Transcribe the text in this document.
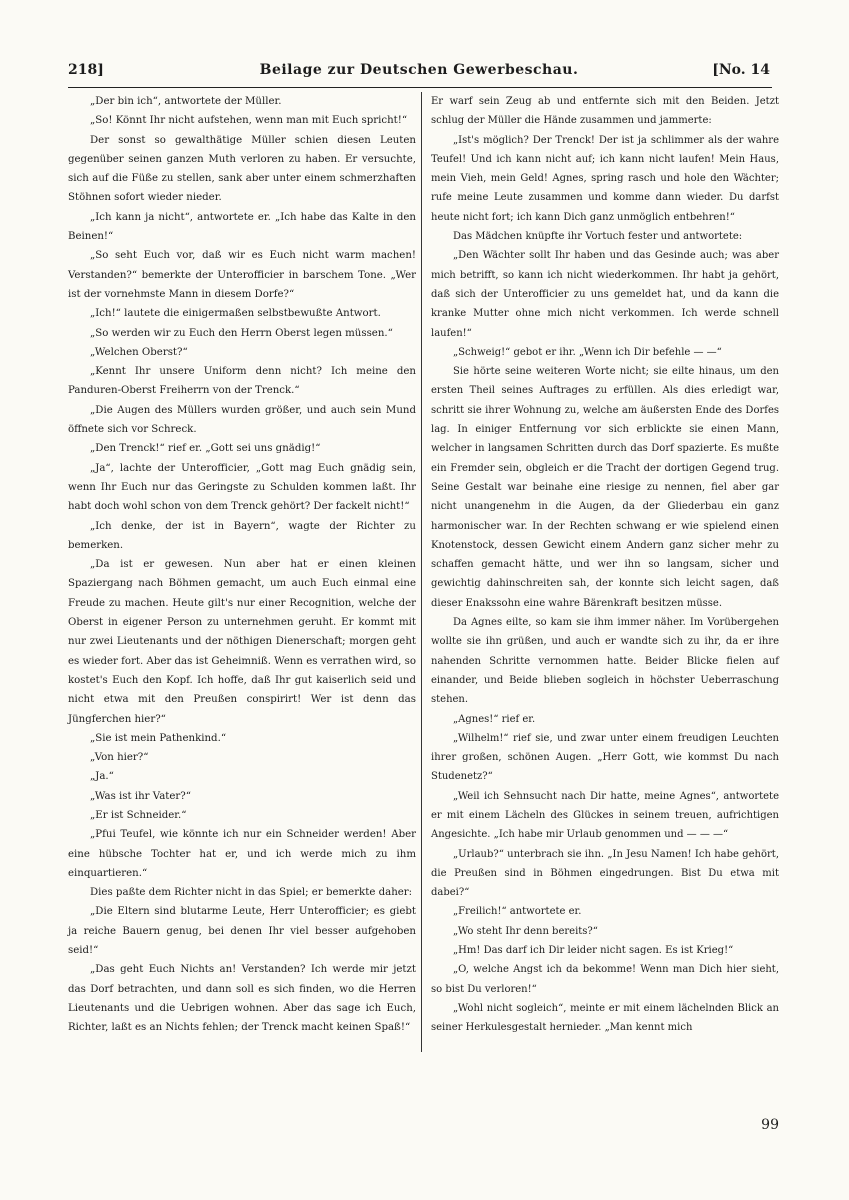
218]	Beilage zur Deutschen Gewerbeschau.	[No. 14

„Der bin ich“, antwortete der Müller.

„So! Könnt Ihr nicht aufstehen, wenn man mit Euch spricht!“

Der sonst so gewalthätige Müller schien diesen Leuten gegenüber seinen ganzen Muth verloren zu haben. Er versuchte, sich auf die Füße zu stellen, sank aber unter einem schmerzhaften Stöhnen sofort wieder nieder.

„Ich kann ja nicht“, antwortete er. „Ich habe das Kalte in den Beinen!“

„So seht Euch vor, daß wir es Euch nicht warm machen! Verstanden?“ bemerkte der Unterofficier in barschem Tone. „Wer ist der vornehmste Mann in diesem Dorfe?“

„Ich!“ lautete die einigermaßen selbstbewußte Antwort.

„So werden wir zu Euch den Herrn Oberst legen müssen.“

„Welchen Oberst?“

„Kennt Ihr unsere Uniform denn nicht? Ich meine den Panduren-Oberst Freiherrn von der Trenck.“

„Die Augen des Müllers wurden größer, und auch sein Mund öffnete sich vor Schreck.

„Den Trenck!“ rief er. „Gott sei uns gnädig!“

„Ja“, lachte der Unterofficier, „Gott mag Euch gnädig sein, wenn Ihr Euch nur das Geringste zu Schulden kommen laßt. Ihr habt doch wohl schon von dem Trenck gehört? Der fackelt nicht!“

„Ich denke, der ist in Bayern“, wagte der Richter zu bemerken.

„Da ist er gewesen. Nun aber hat er einen kleinen Spaziergang nach Böhmen gemacht, um auch Euch einmal eine Freude zu machen. Heute gilt's nur einer Recognition, welche der Oberst in eigener Person zu unternehmen geruht. Er kommt mit nur zwei Lieutenants und der nöthigen Dienerschaft; morgen geht es wieder fort. Aber das ist Geheimniß. Wenn es verrathen wird, so kostet's Euch den Kopf. Ich hoffe, daß Ihr gut kaiserlich seid und nicht etwa mit den Preußen conspirirt! Wer ist denn das Jüngferchen hier?“

„Sie ist mein Pathenkind.“

„Von hier?“

„Ja.“

„Was ist ihr Vater?“

„Er ist Schneider.“

„Pfui Teufel, wie könnte ich nur ein Schneider werden! Aber eine hübsche Tochter hat er, und ich werde mich zu ihm einquartieren.“

Dies paßte dem Richter nicht in das Spiel; er bemerkte daher:

„Die Eltern sind blutarme Leute, Herr Unterofficier; es giebt ja reiche Bauern genug, bei denen Ihr viel besser aufgehoben seid!“

„Das geht Euch Nichts an! Verstanden? Ich werde mir jetzt das Dorf betrachten, und dann soll es sich finden, wo die Herren Lieutenants und die Uebrigen wohnen. Aber das sage ich Euch, Richter, laßt es an Nichts fehlen; der Trenck macht keinen Spaß!“

Er warf sein Zeug ab und entfernte sich mit den Beiden. Jetzt schlug der Müller die Hände zusammen und jammerte:

„Ist's möglich? Der Trenck! Der ist ja schlimmer als der wahre Teufel! Und ich kann nicht auf; ich kann nicht laufen! Mein Haus, mein Vieh, mein Geld! Agnes, spring rasch und hole den Wächter; rufe meine Leute zusammen und komme dann wieder. Du darfst heute nicht fort; ich kann Dich ganz unmöglich entbehren!“

Das Mädchen knüpfte ihr Vortuch fester und antwortete:

„Den Wächter sollt Ihr haben und das Gesinde auch; was aber mich betrifft, so kann ich nicht wiederkommen. Ihr habt ja gehört, daß sich der Unterofficier zu uns gemeldet hat, und da kann die kranke Mutter ohne mich nicht verkommen. Ich werde schnell laufen!“

„Schweig!“ gebot er ihr. „Wenn ich Dir befehle — —“

Sie hörte seine weiteren Worte nicht; sie eilte hinaus, um den ersten Theil seines Auftrages zu erfüllen. Als dies erledigt war, schritt sie ihrer Wohnung zu, welche am äußersten Ende des Dorfes lag. In einiger Entfernung vor sich erblickte sie einen Mann, welcher in langsamen Schritten durch das Dorf spazierte. Es mußte ein Fremder sein, obgleich er die Tracht der dortigen Gegend trug. Seine Gestalt war beinahe eine riesige zu nennen, fiel aber gar nicht unangenehm in die Augen, da der Gliederbau ein ganz harmonischer war. In der Rechten schwang er wie spielend einen Knotenstock, dessen Gewicht einem Andern ganz sicher mehr zu schaffen gemacht hätte, und wer ihn so langsam, sicher und gewichtig dahinschreiten sah, der konnte sich leicht sagen, daß dieser Enakssohn eine wahre Bärenkraft besitzen müsse.

Da Agnes eilte, so kam sie ihm immer näher. Im Vorübergehen wollte sie ihn grüßen, und auch er wandte sich zu ihr, da er ihre nahenden Schritte vernommen hatte. Beider Blicke fielen auf einander, und Beide blieben sogleich in höchster Ueberraschung stehen.

„Agnes!“ rief er.

„Wilhelm!“ rief sie, und zwar unter einem freudigen Leuchten ihrer großen, schönen Augen. „Herr Gott, wie kommst Du nach Studenetz?“

„Weil ich Sehnsucht nach Dir hatte, meine Agnes“, antwortete er mit einem Lächeln des Glückes in seinem treuen, aufrichtigen Angesichte. „Ich habe mir Urlaub genommen und — — —“

„Urlaub?“ unterbrach sie ihn. „In Jesu Namen! Ich habe gehört, die Preußen sind in Böhmen eingedrungen. Bist Du etwa mit dabei?“

„Freilich!“ antwortete er.

„Wo steht Ihr denn bereits?“

„Hm! Das darf ich Dir leider nicht sagen. Es ist Krieg!“

„O, welche Angst ich da bekomme! Wenn man Dich hier sieht, so bist Du verloren!“

„Wohl nicht sogleich“, meinte er mit einem lächelnden Blick an seiner Herkulesgestalt hernieder. „Man kennt mich

99
